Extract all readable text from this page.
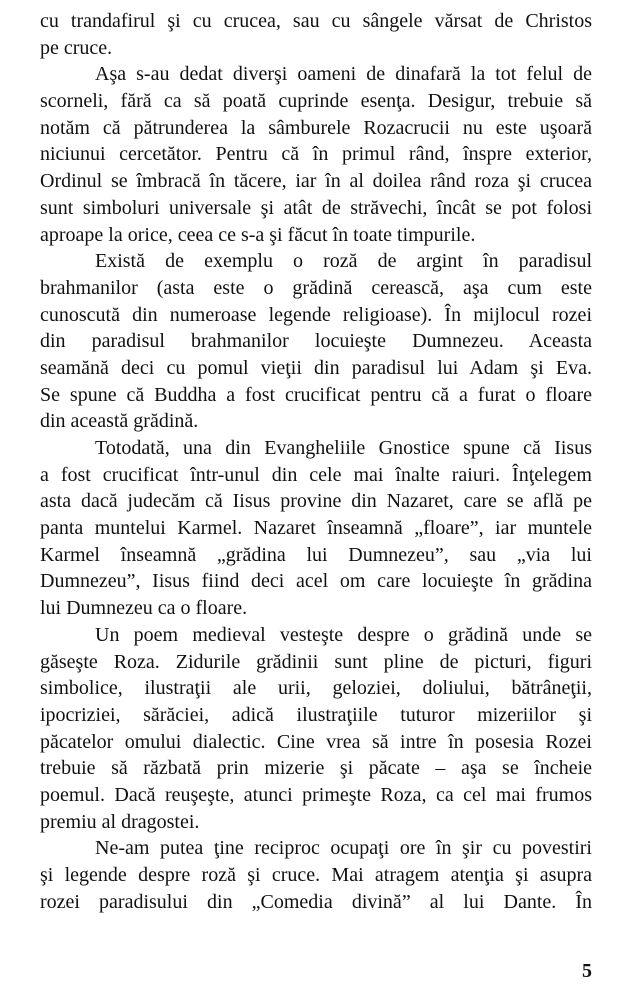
cu trandafirul şi cu crucea, sau cu sângele vărsat de Christos
pe cruce.
Aşa s-au dedat diverşi oameni de dinafară la tot felul de
scorneli, fără ca să poată cuprinde esenţa. Desigur, trebuie să
notăm că pătrunderea la sâmburele Rozacrucii nu este uşoară
niciunui cercetător. Pentru că în primul rând, înspre exterior,
Ordinul se îmbracă în tăcere, iar în al doilea rând roza şi crucea
sunt simboluri universale şi atât de străvechi, încât se pot folosi
aproape la orice, ceea ce s-a şi făcut în toate timpurile.
Există de exemplu o roză de argint în paradisul
brahmanilor (asta este o grădină cerească, aşa cum este
cunoscută din numeroase legende religioase). În mijlocul rozei
din paradisul brahmanilor locuieşte Dumnezeu. Aceasta
seamănă deci cu pomul vieţii din paradisul lui Adam şi Eva.
Se spune că Buddha a fost crucificat pentru că a furat o floare
din această grădină.
Totodată, una din Evangheliile Gnostice spune că Iisus
a fost crucificat într-unul din cele mai înalte raiuri. Înţelegem
asta dacă judecăm că Iisus provine din Nazaret, care se află pe
panta muntelui Karmel. Nazaret înseamnă „floare”, iar muntele
Karmel înseamnă „grădina lui Dumnezeu”, sau „via lui
Dumnezeu”, Iisus fiind deci acel om care locuieşte în grădina
lui Dumnezeu ca o floare.
Un poem medieval vesteşte despre o grădină unde se
găseşte Roza. Zidurile grădinii sunt pline de picturi, figuri
simbolice, ilustraţii ale urii, geloziei, doliului, bătrâneţii,
ipocriziei, sărăciei, adică ilustraţiile tuturor mizeriilor şi
păcatelor omului dialectic. Cine vrea să intre în posesia Rozei
trebuie să răzbată prin mizerie şi păcate – aşa se încheie
poemul. Dacă reuşeşte, atunci primeşte Roza, ca cel mai frumos
premiu al dragostei.
Ne-am putea ţine reciproc ocupaţi ore în şir cu povestiri
şi legende despre roză şi cruce. Mai atragem atenţia şi asupra
rozei paradisului din „Comedia divină” al lui Dante. În
5
